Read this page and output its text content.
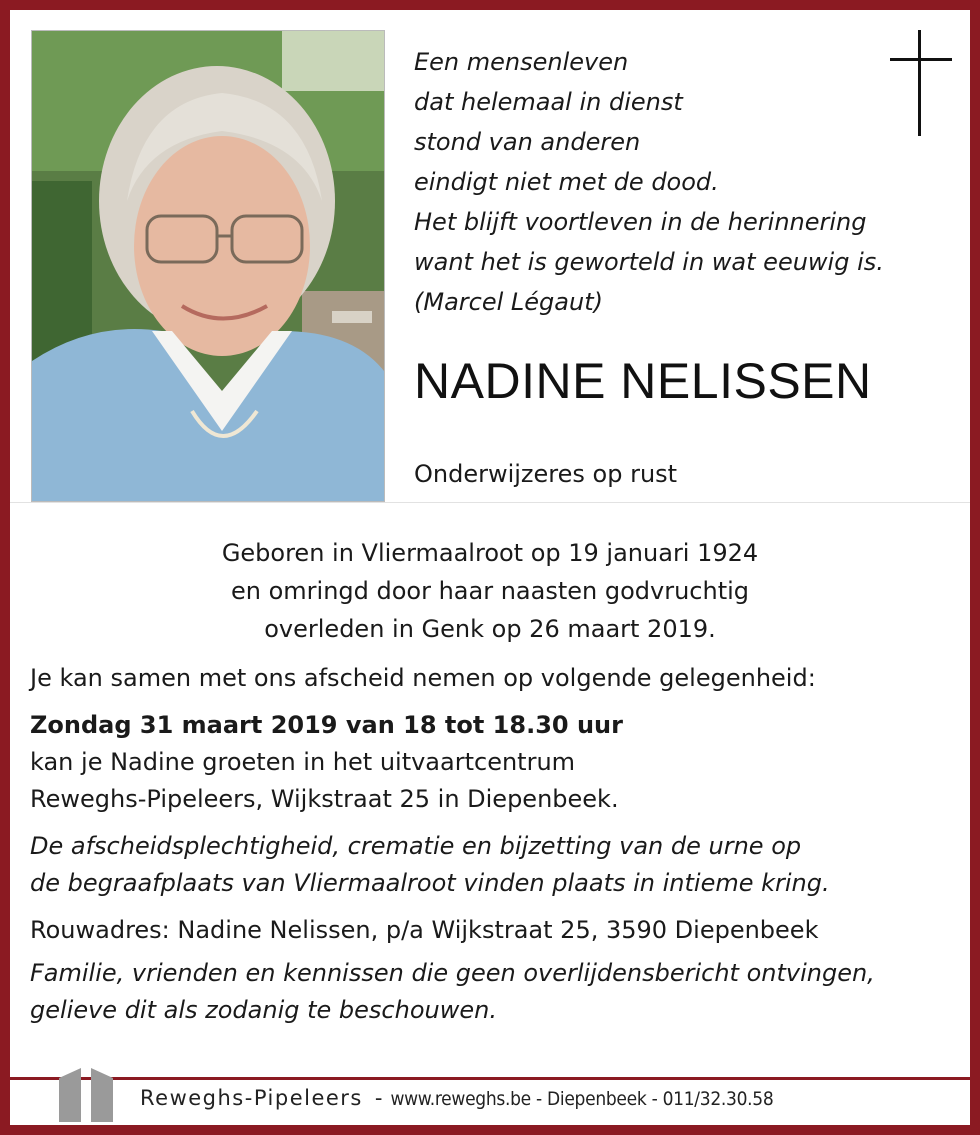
Een mensenleven
dat helemaal in dienst
stond van anderen
eindigt niet met de dood.
Het blijft voortleven in de herinnering
want het is geworteld in wat eeuwig is.
(Marcel Légaut)
NADINE NELISSEN
Onderwijzeres op rust
Geboren in Vliermaalroot op 19 januari 1924
en omringd door haar naasten godvruchtig
overleden in Genk op 26 maart 2019.
Je kan samen met ons afscheid nemen op volgende gelegenheid:
Zondag 31 maart 2019 van 18 tot 18.30 uur
kan je Nadine groeten in het uitvaartcentrum
Reweghs-Pipeleers, Wijkstraat 25 in Diepenbeek.
De afscheidsplechtigheid, crematie en bijzetting van de urne op
de begraafplaats van Vliermaalroot vinden plaats in intieme kring.
Rouwadres: Nadine Nelissen, p/a Wijkstraat 25, 3590 Diepenbeek
Familie, vrienden en kennissen die geen overlijdensbericht ontvingen,
gelieve dit als zodanig te beschouwen.
Reweghs-Pipeleers - www.reweghs.be - Diepenbeek - 011/32.30.58
